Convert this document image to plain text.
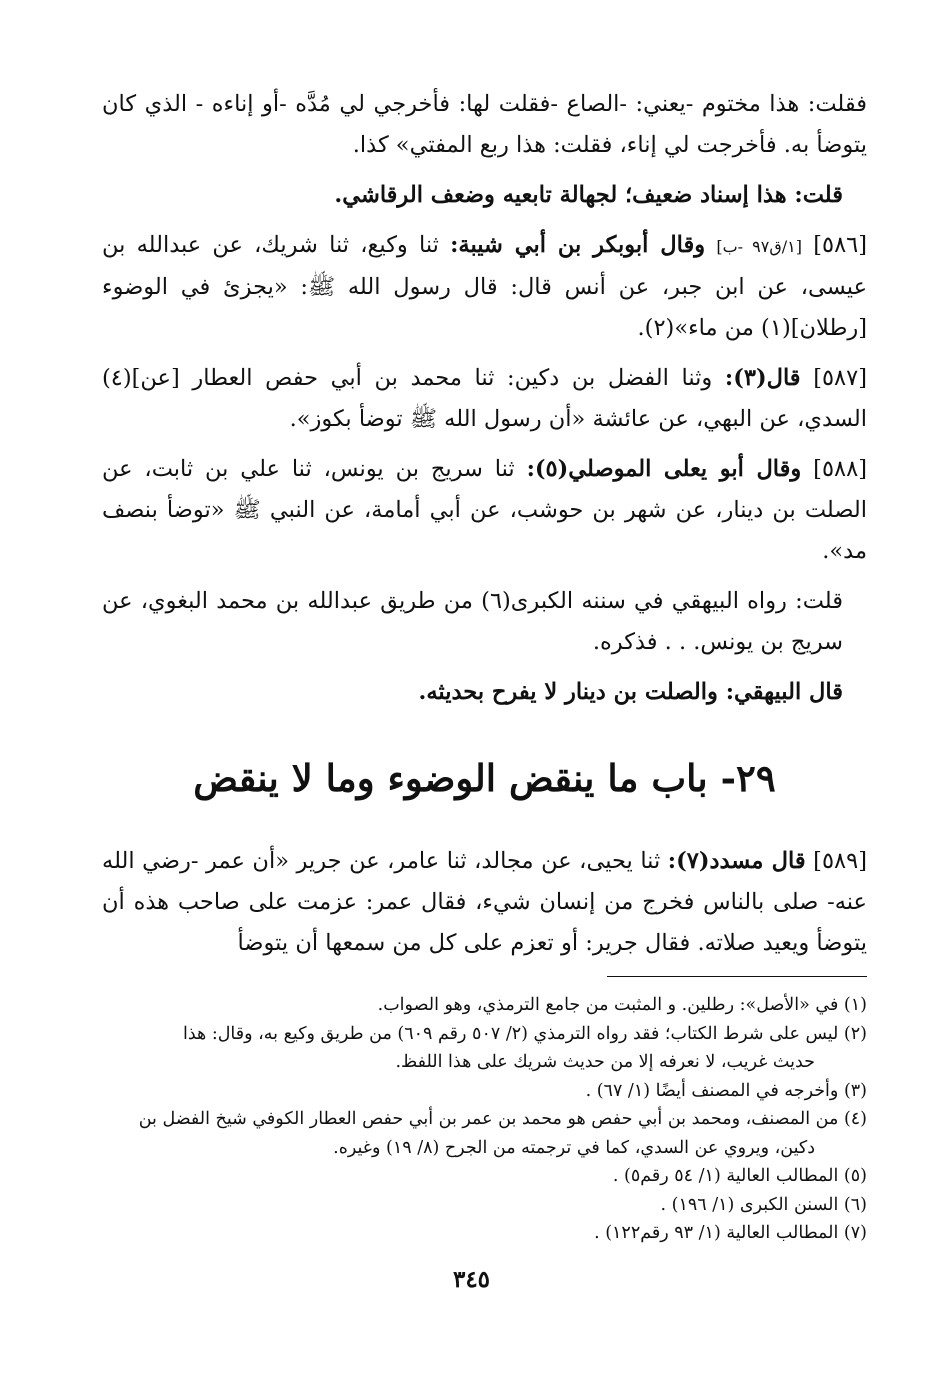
فقلت: هذا مختوم -يعني: -الصاع -فقلت لها: فأخرجي لي مُدَّه -أو إناءه - الذي كان يتوضأ به. فأخرجت لي إناء، فقلت: هذا ربع المفتي» كذا.

قلت: هذا إسناد ضعيف؛ لجهالة تابعيه وضعف الرقاشي.

[٥٨٦] [١/ق٩٧ -ب] وقال أبوبكر بن أبي شيبة: ثنا وكيع، ثنا شريك، عن عبدالله بن عيسى، عن ابن جبر، عن أنس قال: قال رسول الله ﷺ: «يجزئ في الوضوء [رطلان](١) من ماء»(٢).

[٥٨٧] قال(٣): وثنا الفضل بن دكين: ثنا محمد بن أبي حفص العطار [عن](٤) السدي، عن البهي، عن عائشة «أن رسول الله ﷺ توضأ بكوز».

[٥٨٨] وقال أبو يعلى الموصلي(٥): ثنا سريج بن يونس، ثنا علي بن ثابت، عن الصلت بن دينار، عن شهر بن حوشب، عن أبي أمامة، عن النبي ﷺ «توضأ بنصف مد».

قلت: رواه البيهقي في سننه الكبرى(٦) من طريق عبدالله بن محمد البغوي، عن سريج بن يونس. . . فذكره.

قال البيهقي: والصلت بن دينار لا يفرح بحديثه.

٢٩- باب ما ينقض الوضوء وما لا ينقض

[٥٨٩] قال مسدد(٧): ثنا يحيى، عن مجالد، ثنا عامر، عن جرير «أن عمر -رضي الله عنه- صلى بالناس فخرج من إنسان شيء، فقال عمر: عزمت على صاحب هذه أن يتوضأ ويعيد صلاته. فقال جرير: أو تعزم على كل من سمعها أن يتوضأ

(١) في «الأصل»: رطلين. و المثبت من جامع الترمذي، وهو الصواب.

(٢) ليس على شرط الكتاب؛ فقد رواه الترمذي (٢/ ٥٠٧ رقم ٦٠٩) من طريق وكيع به، وقال: هذا
حديث غريب، لا نعرفه إلا من حديث شريك على هذا اللفظ.

(٣) وأخرجه في المصنف أيضًا (١/ ٦٧) .

(٤) من المصنف، ومحمد بن أبي حفص هو محمد بن عمر بن أبي حفص العطار الكوفي شيخ الفضل بن
دكين، ويروي عن السدي، كما في ترجمته من الجرح (٨/ ١٩) وغيره.

(٥) المطالب العالية (١/ ٥٤ رقم٥) .

(٦) السنن الكبرى (١/ ١٩٦) .

(٧) المطالب العالية (١/ ٩٣ رقم١٢٢) .

٣٤٥
